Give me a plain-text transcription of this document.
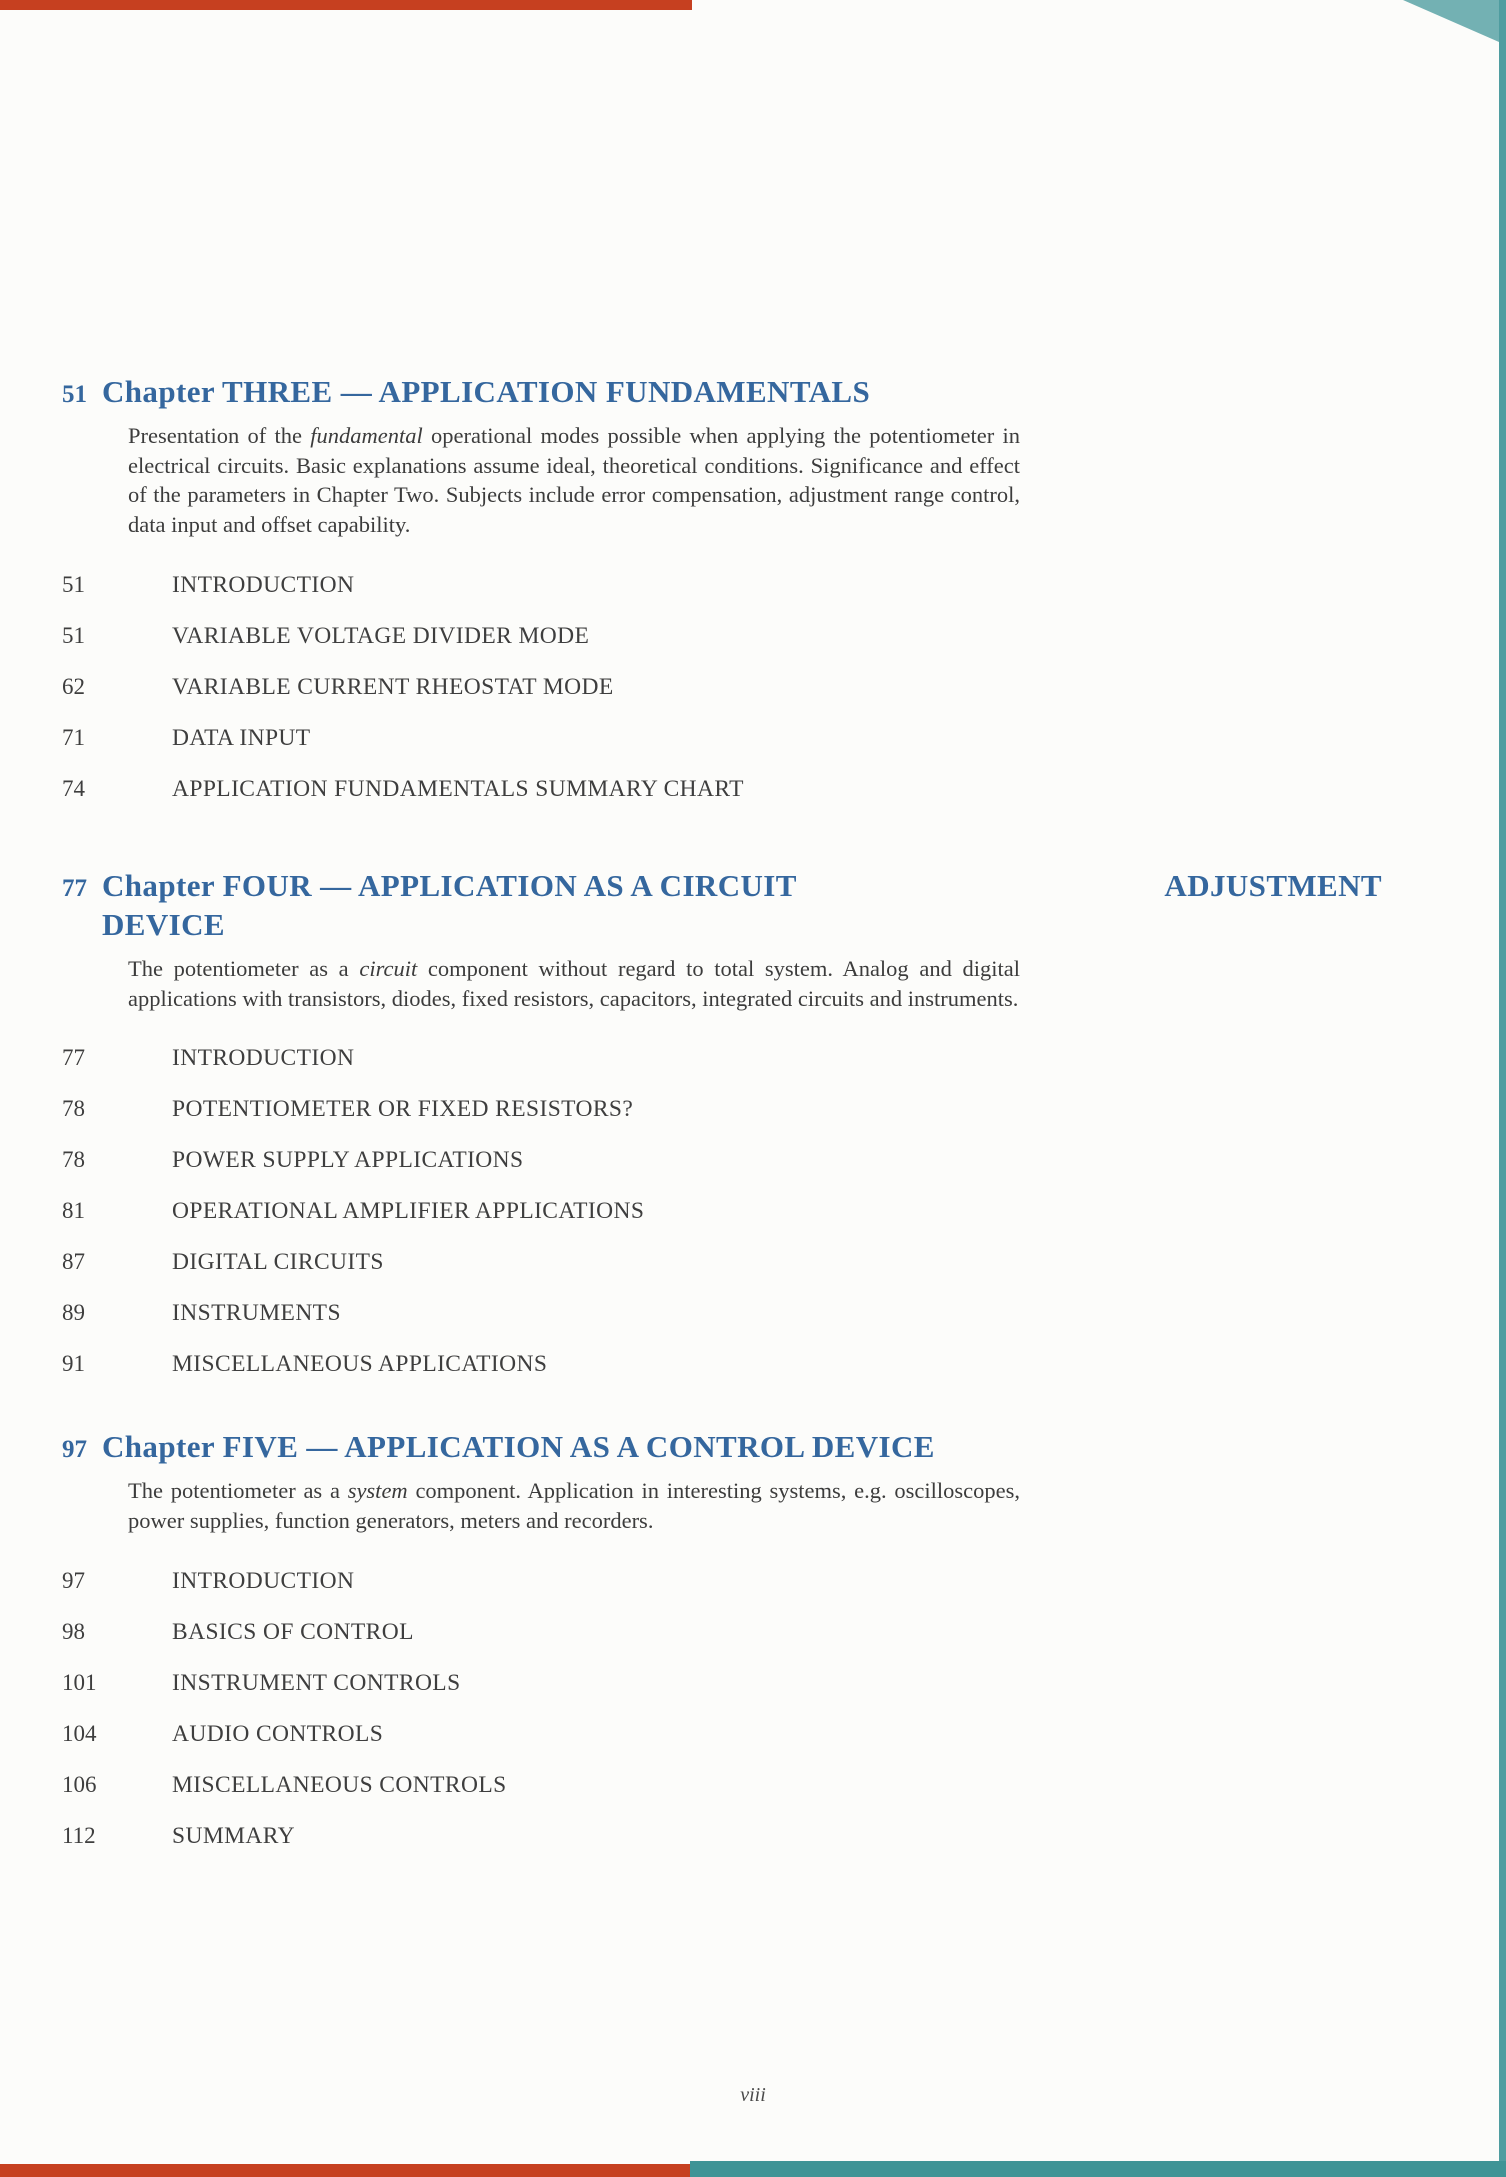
51 Chapter THREE — APPLICATION FUNDAMENTALS

Presentation of the fundamental operational modes possible when applying the potentiometer in electrical circuits. Basic explanations assume ideal, theoretical conditions. Significance and effect of the parameters in Chapter Two. Subjects include error compensation, adjustment range control, data input and offset capability.

51	INTRODUCTION
51	VARIABLE VOLTAGE DIVIDER MODE
62	VARIABLE CURRENT RHEOSTAT MODE
71	DATA INPUT
74	APPLICATION FUNDAMENTALS SUMMARY CHART
77 Chapter FOUR — APPLICATION AS A CIRCUIT	ADJUSTMENT DEVICE

The potentiometer as a circuit component without regard to total system. Analog and digital applications with transistors, diodes, fixed resistors, capacitors, integrated circuits and instruments.

77	INTRODUCTION
78	POTENTIOMETER OR FIXED RESISTORS?
78	POWER SUPPLY APPLICATIONS
81	OPERATIONAL AMPLIFIER APPLICATIONS
87	DIGITAL CIRCUITS
89	INSTRUMENTS
91	MISCELLANEOUS APPLICATIONS
97 Chapter FIVE — APPLICATION AS A CONTROL DEVICE

The potentiometer as a system component. Application in interesting systems, e.g. oscilloscopes, power supplies, function generators, meters and recorders.

97	INTRODUCTION
98	BASICS OF CONTROL
101	INSTRUMENT CONTROLS
104	AUDIO CONTROLS
106	MISCELLANEOUS CONTROLS
112	SUMMARY
viii
